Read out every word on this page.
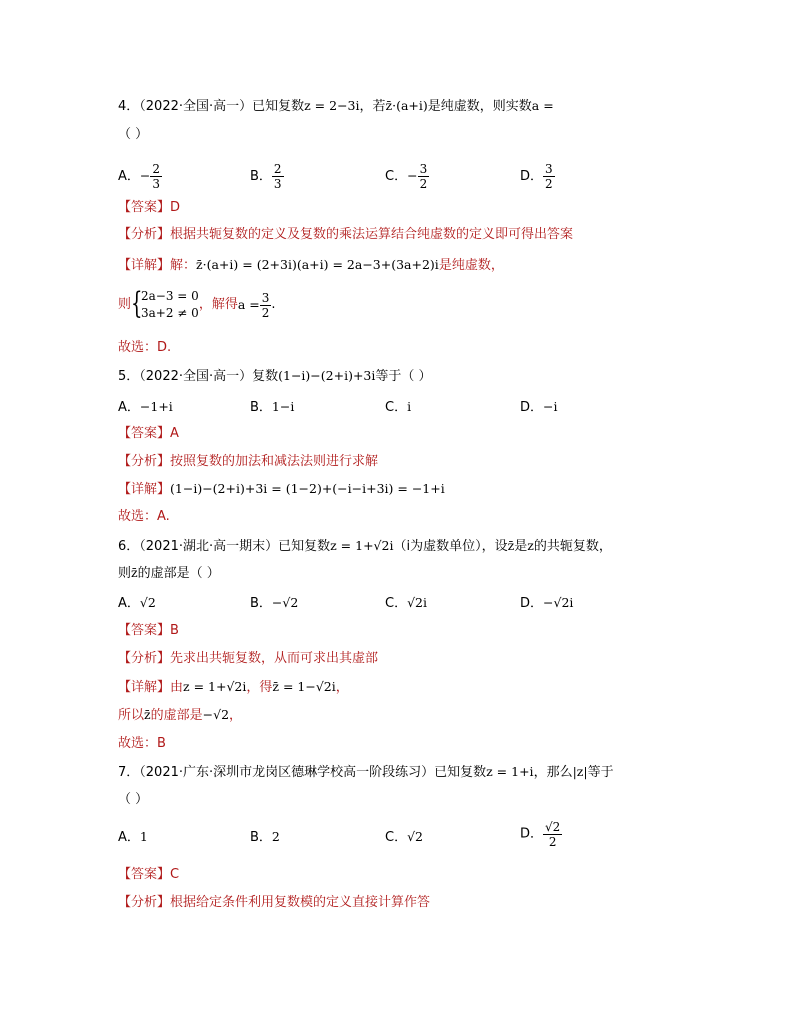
4．（2022·全国·高一）已知复数z = 2−3i，若z̄·(a+i)是纯虚数，则实数a =
（ ）
A．− $\frac{2}{3}$	B． $\frac{2}{3}$	C．− $\frac{3}{2}$	D． $\frac{3}{2}$
【答案】D
【分析】根据共轭复数的定义及复数的乘法运算结合纯虚数的定义即可得出答案
【详解】解：z̄·(a+i) = (2+3i)(a+i) = 2a−3+(3a+2)i是纯虚数，
则 {
2a−3 = 0
3a+2 ≠ 0
，解得$a = \frac{3}{2}$ .
故选：D.
5．（2022·全国·高一）复数(1−i)−(2+i)+3i等于（ ）
A．−1+i	B．1−i	C．i	D．−i
【答案】A
【分析】按照复数的加法和减法法则进行求解
【详解】(1−i)−(2+i)+3i = (1−2)+(−i−i+3i) = −1+i
故选：A.
6．（2021·湖北·高一期末）已知复数z = 1+√2i（i为虚数单位），设z̄是z的共轭复数，
则z̄的虚部是（ ）
A．√2	B．−√2	C．√2i	D．−√2i
【答案】B
【分析】先求出共轭复数，从而可求出其虚部
【详解】由z = 1+√2i，得z̄ = 1−√2i，
所以z̄的虚部是−√2，
故选：B
7．（2021·广东·深圳市龙岗区德琳学校高一阶段练习）已知复数z = 1+i，那么|z|等于
（ ）
A．1	B．2	C．√2	D． $\frac{√2}{2}$
【答案】C
【分析】根据给定条件利用复数模的定义直接计算作答
